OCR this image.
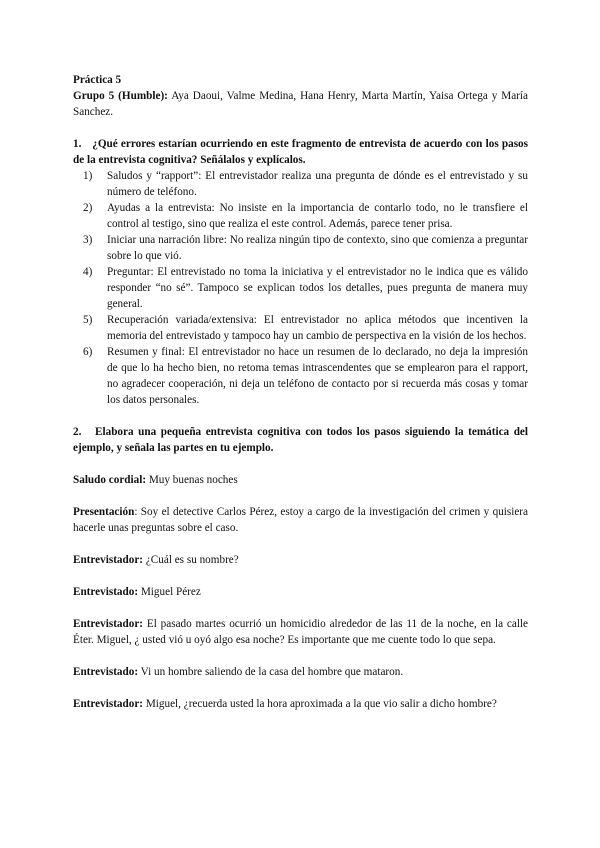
Práctica 5

Grupo 5 (Humble): Aya Daoui, Valme Medina, Hana Henry, Marta Martín, Yaisa Ortega y María Sanchez.

1. ¿Qué errores estarían ocurriendo en este fragmento de entrevista de acuerdo con los pasos de la entrevista cognitiva? Señálalos y explícalos.

1) Saludos y “rapport”: El entrevistador realiza una pregunta de dónde es el entrevistado y su número de teléfono.
2) Ayudas a la entrevista: No insiste en la importancia de contarlo todo, no le transfiere el control al testigo, sino que realiza el este control. Además, parece tener prisa.
3) Iniciar una narración libre: No realiza ningún tipo de contexto, sino que comienza a preguntar sobre lo que vió.
4) Preguntar: El entrevistado no toma la iniciativa y el entrevistador no le indica que es válido responder “no sé”. Tampoco se explican todos los detalles, pues pregunta de manera muy general.
5) Recuperación variada/extensiva: El entrevistador no aplica métodos que incentiven la memoria del entrevistado y tampoco hay un cambio de perspectiva en la visión de los hechos.
6) Resumen y final: El entrevistador no hace un resumen de lo declarado, no deja la impresión de que lo ha hecho bien, no retoma temas intrascendentes que se emplearon para el rapport, no agradecer cooperación, ni deja un teléfono de contacto por si recuerda más cosas y tomar los datos personales.

2. Elabora una pequeña entrevista cognitiva con todos los pasos siguiendo la temática del ejemplo, y señala las partes en tu ejemplo.

Saludo cordial: Muy buenas noches

Presentación: Soy el detective Carlos Pérez, estoy a cargo de la investigación del crimen y quisiera hacerle unas preguntas sobre el caso.

Entrevistador: ¿Cuál es su nombre?

Entrevistado: Miguel Pérez

Entrevistador: El pasado martes ocurrió un homicidio alrededor de las 11 de la noche, en la calle Éter. Miguel, ¿ usted vió u oyó algo esa noche? Es importante que me cuente todo lo que sepa.

Entrevistado: Vi un hombre saliendo de la casa del hombre que mataron.

Entrevistador: Miguel, ¿recuerda usted la hora aproximada a la que vio salir a dicho hombre?
